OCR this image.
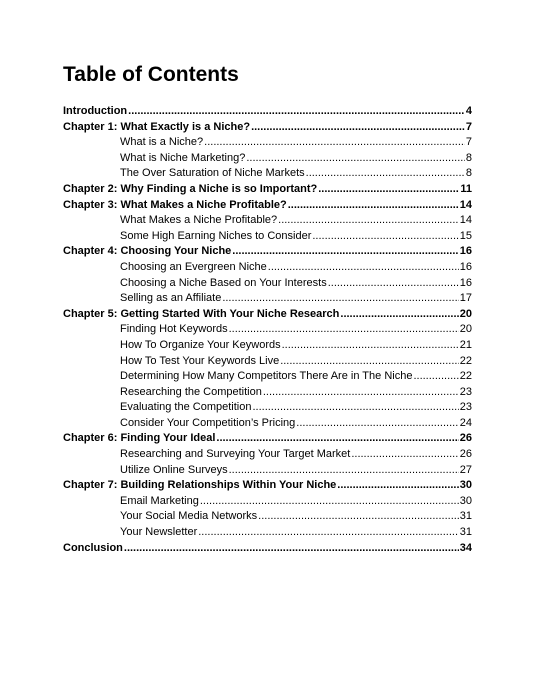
Table of Contents
Introduction .....	4
Chapter 1: What Exactly is a Niche? .....	7
What is a Niche? .....	7
What is Niche Marketing? .....	8
The Over Saturation of Niche Markets .....	8
Chapter 2: Why Finding a Niche is so Important? .....	11
Chapter 3: What Makes a Niche Profitable? .....	14
What Makes a Niche Profitable? .....	14
Some High Earning Niches to Consider .....	15
Chapter 4: Choosing Your Niche .....	16
Choosing an Evergreen Niche .....	16
Choosing a Niche Based on Your Interests .....	16
Selling as an Affiliate .....	17
Chapter 5: Getting Started With Your Niche Research .....	20
Finding Hot Keywords .....	20
How To Organize Your Keywords .....	21
How To Test Your Keywords Live .....	22
Determining How Many Competitors There Are in The Niche .....	22
Researching the Competition .....	23
Evaluating the Competition .....	23
Consider Your Competition’s Pricing .....	24
Chapter 6: Finding Your Ideal .....	26
Researching and Surveying Your Target Market .....	26
Utilize Online Surveys .....	27
Chapter 7: Building Relationships Within Your Niche .....	30
Email Marketing .....	30
Your Social Media Networks .....	31
Your Newsletter .....	31
Conclusion .....	34
